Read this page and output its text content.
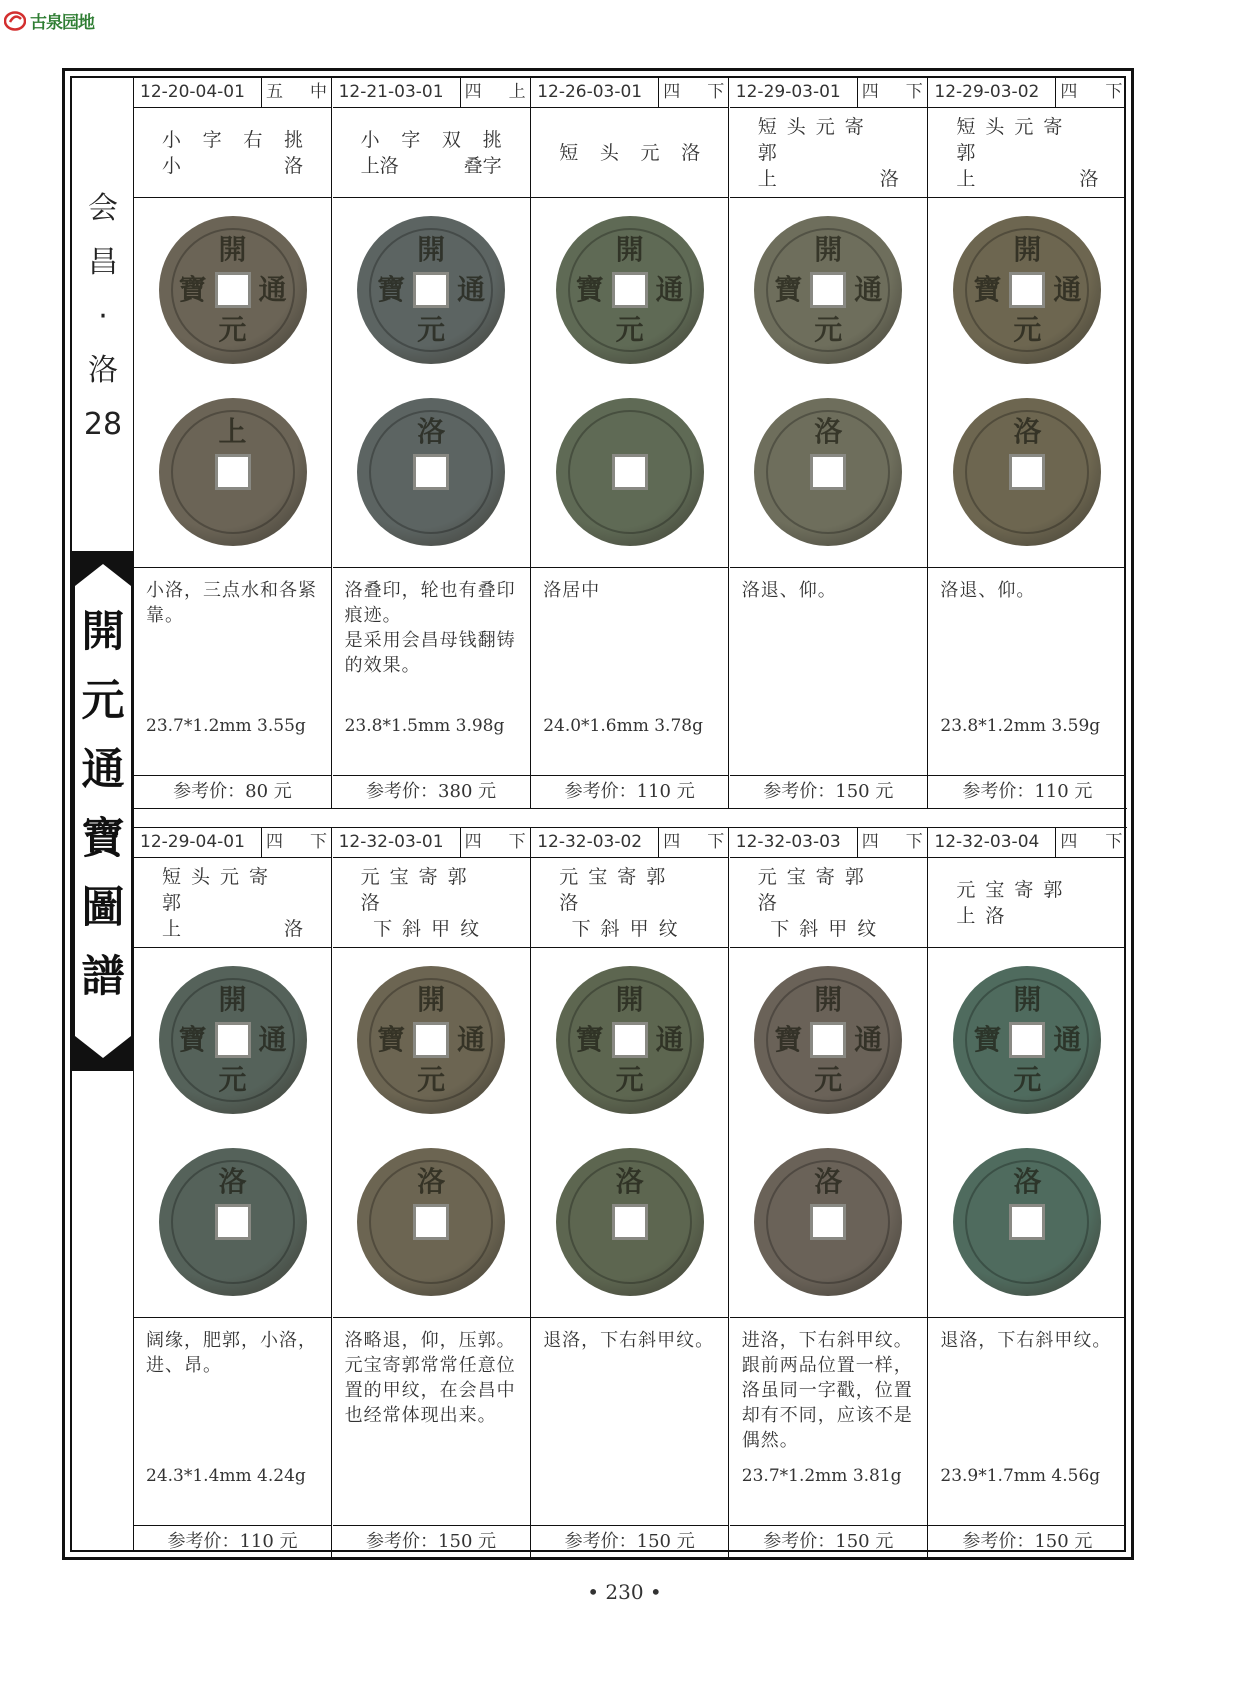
古泉园地
会
昌
·
洛
28
開
元
通
寶
圖
譜
12-20-04-01	五 中
小 字 右 挑
小	洛
開
元
寶 通
上

小洛，三点水和各紧靠。

23.7*1.2mm 3.55g
参考价：80 元
12-21-03-01	四 上
小 字 双 挑
上洛	叠字
開
元
寶 通
洛

洛叠印，轮也有叠印痕迹。

是采用会昌母钱翻铸的效果。

23.8*1.5mm 3.98g
参考价：380 元
12-26-03-01	四 下
短 头 元 洛
開
元
寶 通

洛居中

24.0*1.6mm 3.78g
参考价：110 元
12-29-03-01	四 下
短头元寄郭
上	洛
開
元
寶 通
洛

洛退、仰。

参考价：150 元
12-29-03-02	四 下
短头元寄郭
上	洛
開
元
寶 通
洛

洛退、仰。

23.8*1.2mm 3.59g
参考价：110 元
12-29-04-01	四 下
短头元寄郭
上	洛
開
元
寶 通
洛

阔缘，肥郭，小洛，进、昂。

24.3*1.4mm 4.24g
参考价：110 元
12-32-03-01	四 下
元宝寄郭洛
下斜甲纹
開
元
寶 通
洛

洛略退，仰，压郭。元宝寄郭常常任意位置的甲纹，在会昌中也经常体现出来。

参考价：150 元
12-32-03-02	四 下
元宝寄郭洛
下斜甲纹
開
元
寶 通
洛

退洛，下右斜甲纹。

参考价：150 元
12-32-03-03	四 下
元宝寄郭洛
下斜甲纹
開
元
寶 通
洛

进洛，下右斜甲纹。跟前两品位置一样，洛虽同一字戳，位置却有不同，应该不是偶然。

23.7*1.2mm 3.81g
参考价：150 元
12-32-03-04	四 下
元宝寄郭上洛
開
元
寶 通
洛

退洛，下右斜甲纹。

23.9*1.7mm 4.56g
参考价：150 元
• 230 •
